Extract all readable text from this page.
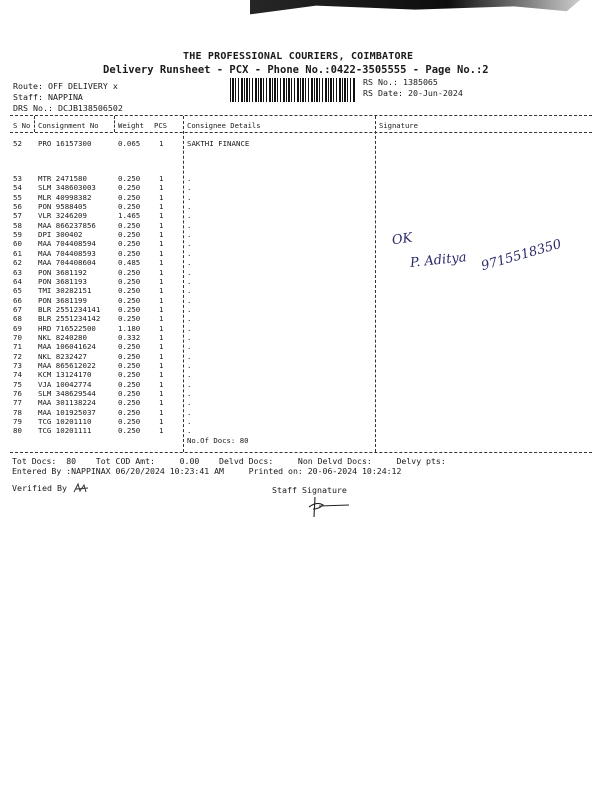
THE PROFESSIONAL COURIERS, COIMBATORE
Delivery Runsheet - PCX - Phone No.:0422-3505555 - Page No.:2
Route: OFF DELIVERY x
Staff: NAPPINA
DRS No.: DCJB138506502
RS No.: 1385065
RS Date: 20-Jun-2024
S No Consignment No	Weight PCS	Consignee Details	Signature
52 PRO 16157300	0.065	1	SAKTHI FINANCE
53 MTR 2471580	0.250	1	.
54 SLM 348603003	0.250	1	.
55 MLR 40998382	0.250	1	.
56 PON 9588405	0.250	1	.
57 VLR 3246209	1.465	1	.
58 MAA 866237856	0.250	1	.
59 DPI 300402	0.250	1	.
60 MAA 704408594	0.250	1	.
61 MAA 704408593	0.250	1	.
62 MAA 704408604	0.485	1	.
63 PON 3681192	0.250	1	.
64 PON 3681193	0.250	1	.
65 TMI 30282151	0.250	1	.
66 PON 3681199	0.250	1	.
67 BLR 2551234141 0.250	1	.
68 BLR 2551234142 0.250	1	.
69 HRD 716522500	1.180	1	.
70 NKL 8240280	0.332	1	.
71 MAA 106041624	0.250	1	.
72 NKL 8232427	0.250	1	.
73 MAA 865612022	0.250	1	.
74 KCM 13124170	0.250	1	.
75 VJA 10042774	0.250	1	.
76 SLM 348629544	0.250	1	.
77 MAA 301138224	0.250	1	.
78 MAA 101925037	0.250	1	.
79 TCG 10201110	0.250	1	.
80 TCG 10201111	0.250	1	.
No.Of Docs: 80
Tot Docs:  80    Tot COD Amt:     0.00    Delvd Docs:     Non Delvd Docs:     Delvy pts:
Entered By :NAPPINAX 06/20/2024 10:23:41 AM     Printed on: 20-06-2024 10:24:12
Verified By	Staff Signature
OK
P. Aditya 9715518350
